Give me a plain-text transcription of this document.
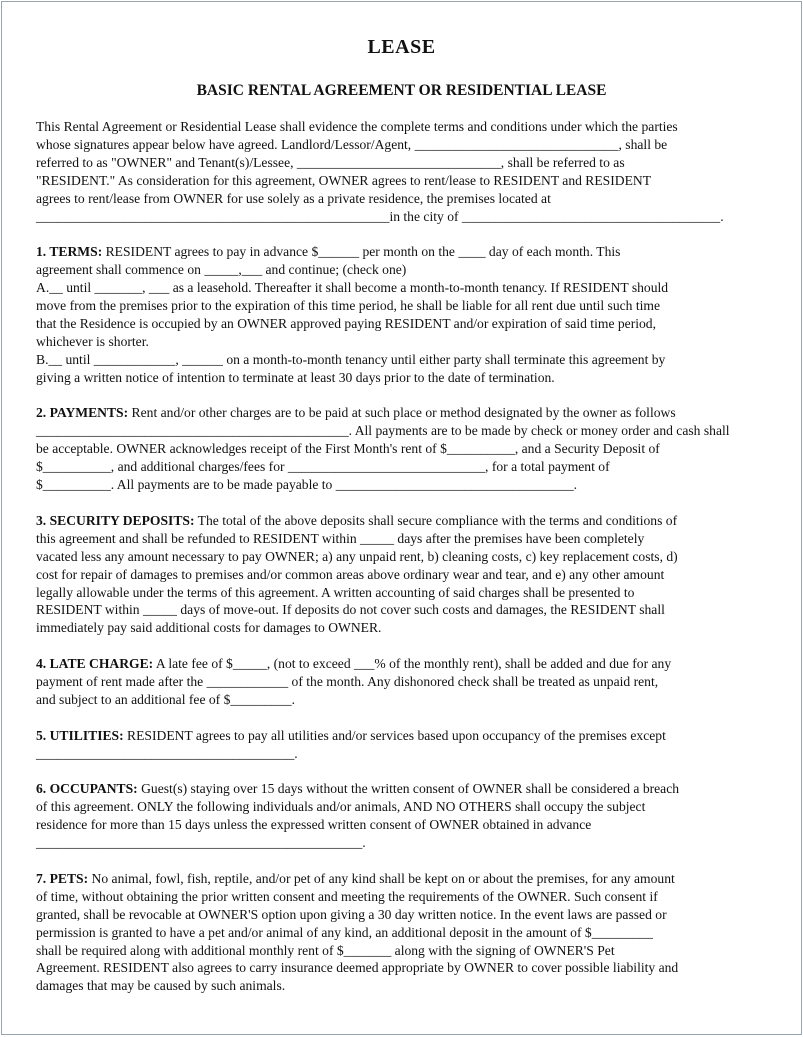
LEASE
BASIC RENTAL AGREEMENT OR RESIDENTIAL LEASE
This Rental Agreement or Residential Lease shall evidence the complete terms and conditions under which the parties
whose signatures appear below have agreed. Landlord/Lessor/Agent, ______________________________, shall be
referred to as "OWNER" and Tenant(s)/Lessee, ______________________________, shall be referred to as
"RESIDENT." As consideration for this agreement, OWNER agrees to rent/lease to RESIDENT and RESIDENT
agrees to rent/lease from OWNER for use solely as a private residence, the premises located at
____________________________________________________in the city of ______________________________________.
1. TERMS: RESIDENT agrees to pay in advance $______ per month on the ____ day of each month. This
agreement shall commence on _____,___ and continue; (check one)
A.__ until _______, ___ as a leasehold. Thereafter it shall become a month-to-month tenancy. If RESIDENT should
move from the premises prior to the expiration of this time period, he shall be liable for all rent due until such time
that the Residence is occupied by an OWNER approved paying RESIDENT and/or expiration of said time period,
whichever is shorter.
B.__ until ____________, ______ on a month-to-month tenancy until either party shall terminate this agreement by
giving a written notice of intention to terminate at least 30 days prior to the date of termination.
2. PAYMENTS: Rent and/or other charges are to be paid at such place or method designated by the owner as follows
______________________________________________. All payments are to be made by check or money order and cash shall
be acceptable. OWNER acknowledges receipt of the First Month's rent of $__________, and a Security Deposit of
$__________, and additional charges/fees for _____________________________, for a total payment of
$__________. All payments are to be made payable to ___________________________________.
3. SECURITY DEPOSITS: The total of the above deposits shall secure compliance with the terms and conditions of
this agreement and shall be refunded to RESIDENT within _____ days after the premises have been completely
vacated less any amount necessary to pay OWNER; a) any unpaid rent, b) cleaning costs, c) key replacement costs, d)
cost for repair of damages to premises and/or common areas above ordinary wear and tear, and e) any other amount
legally allowable under the terms of this agreement. A written accounting of said charges shall be presented to
RESIDENT within _____ days of move-out. If deposits do not cover such costs and damages, the RESIDENT shall
immediately pay said additional costs for damages to OWNER.
4. LATE CHARGE: A late fee of $_____, (not to exceed ___% of the monthly rent), shall be added and due for any
payment of rent made after the ____________ of the month. Any dishonored check shall be treated as unpaid rent,
and subject to an additional fee of $_________.
5. UTILITIES: RESIDENT agrees to pay all utilities and/or services based upon occupancy of the premises except
______________________________________.
6. OCCUPANTS: Guest(s) staying over 15 days without the written consent of OWNER shall be considered a breach
of this agreement. ONLY the following individuals and/or animals, AND NO OTHERS shall occupy the subject
residence for more than 15 days unless the expressed written consent of OWNER obtained in advance
________________________________________________.
7. PETS: No animal, fowl, fish, reptile, and/or pet of any kind shall be kept on or about the premises, for any amount
of time, without obtaining the prior written consent and meeting the requirements of the OWNER. Such consent if
granted, shall be revocable at OWNER'S option upon giving a 30 day written notice. In the event laws are passed or
permission is granted to have a pet and/or animal of any kind, an additional deposit in the amount of $_________
shall be required along with additional monthly rent of $_______ along with the signing of OWNER'S Pet
Agreement. RESIDENT also agrees to carry insurance deemed appropriate by OWNER to cover possible liability and
damages that may be caused by such animals.
